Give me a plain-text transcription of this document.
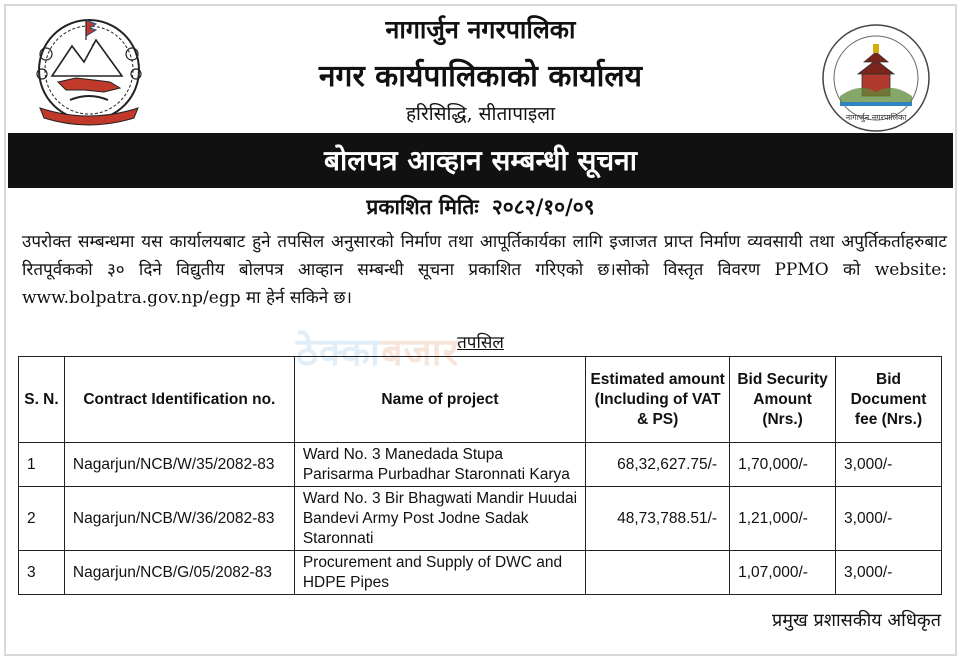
नागार्जुन नगरपालिका
नागार्जुन नगरपालिका
नगर कार्यपालिकाको कार्यालय
हरिसिद्धि, सीतापाइला
बोलपत्र आव्हान सम्बन्धी सूचना
प्रकाशित मितिः २०८२/१०/०९
उपरोक्त सम्बन्धमा यस कार्यालयबाट हुने तपसिल अनुसारको निर्माण तथा आपूर्तिकार्यका लागि इजाजत प्राप्त निर्माण व्यवसायी तथा अपुर्तिकर्ताहरुबाट रितपूर्वकको ३० दिने विद्युतीय बोलपत्र आव्हान सम्बन्धी सूचना प्रकाशित गरिएको छ।सोको विस्तृत विवरण PPMO को website: www.bolpatra.gov.np/egp मा हेर्न सकिने छ।
ठेक्काबजार
तपसिल
S. N.	Contract Identification no.	Name of project	Estimated amount (Including of VAT & PS)	Bid Security Amount (Nrs.)	Bid Document fee (Nrs.)
1	Nagarjun/NCB/W/35/2082-83	Ward No. 3 Manedada Stupa Parisarma Purbadhar Staronnati Karya	68,32,627.75/-	1,70,000/-	3,000/-
2	Nagarjun/NCB/W/36/2082-83	Ward No. 3 Bir Bhagwati Mandir Huudai Bandevi Army Post Jodne Sadak Staronnati	48,73,788.51/-	1,21,000/-	3,000/-
3	Nagarjun/NCB/G/05/2082-83	Procurement and Supply of DWC and HDPE Pipes		1,07,000/-	3,000/-
प्रमुख प्रशासकीय अधिकृत
